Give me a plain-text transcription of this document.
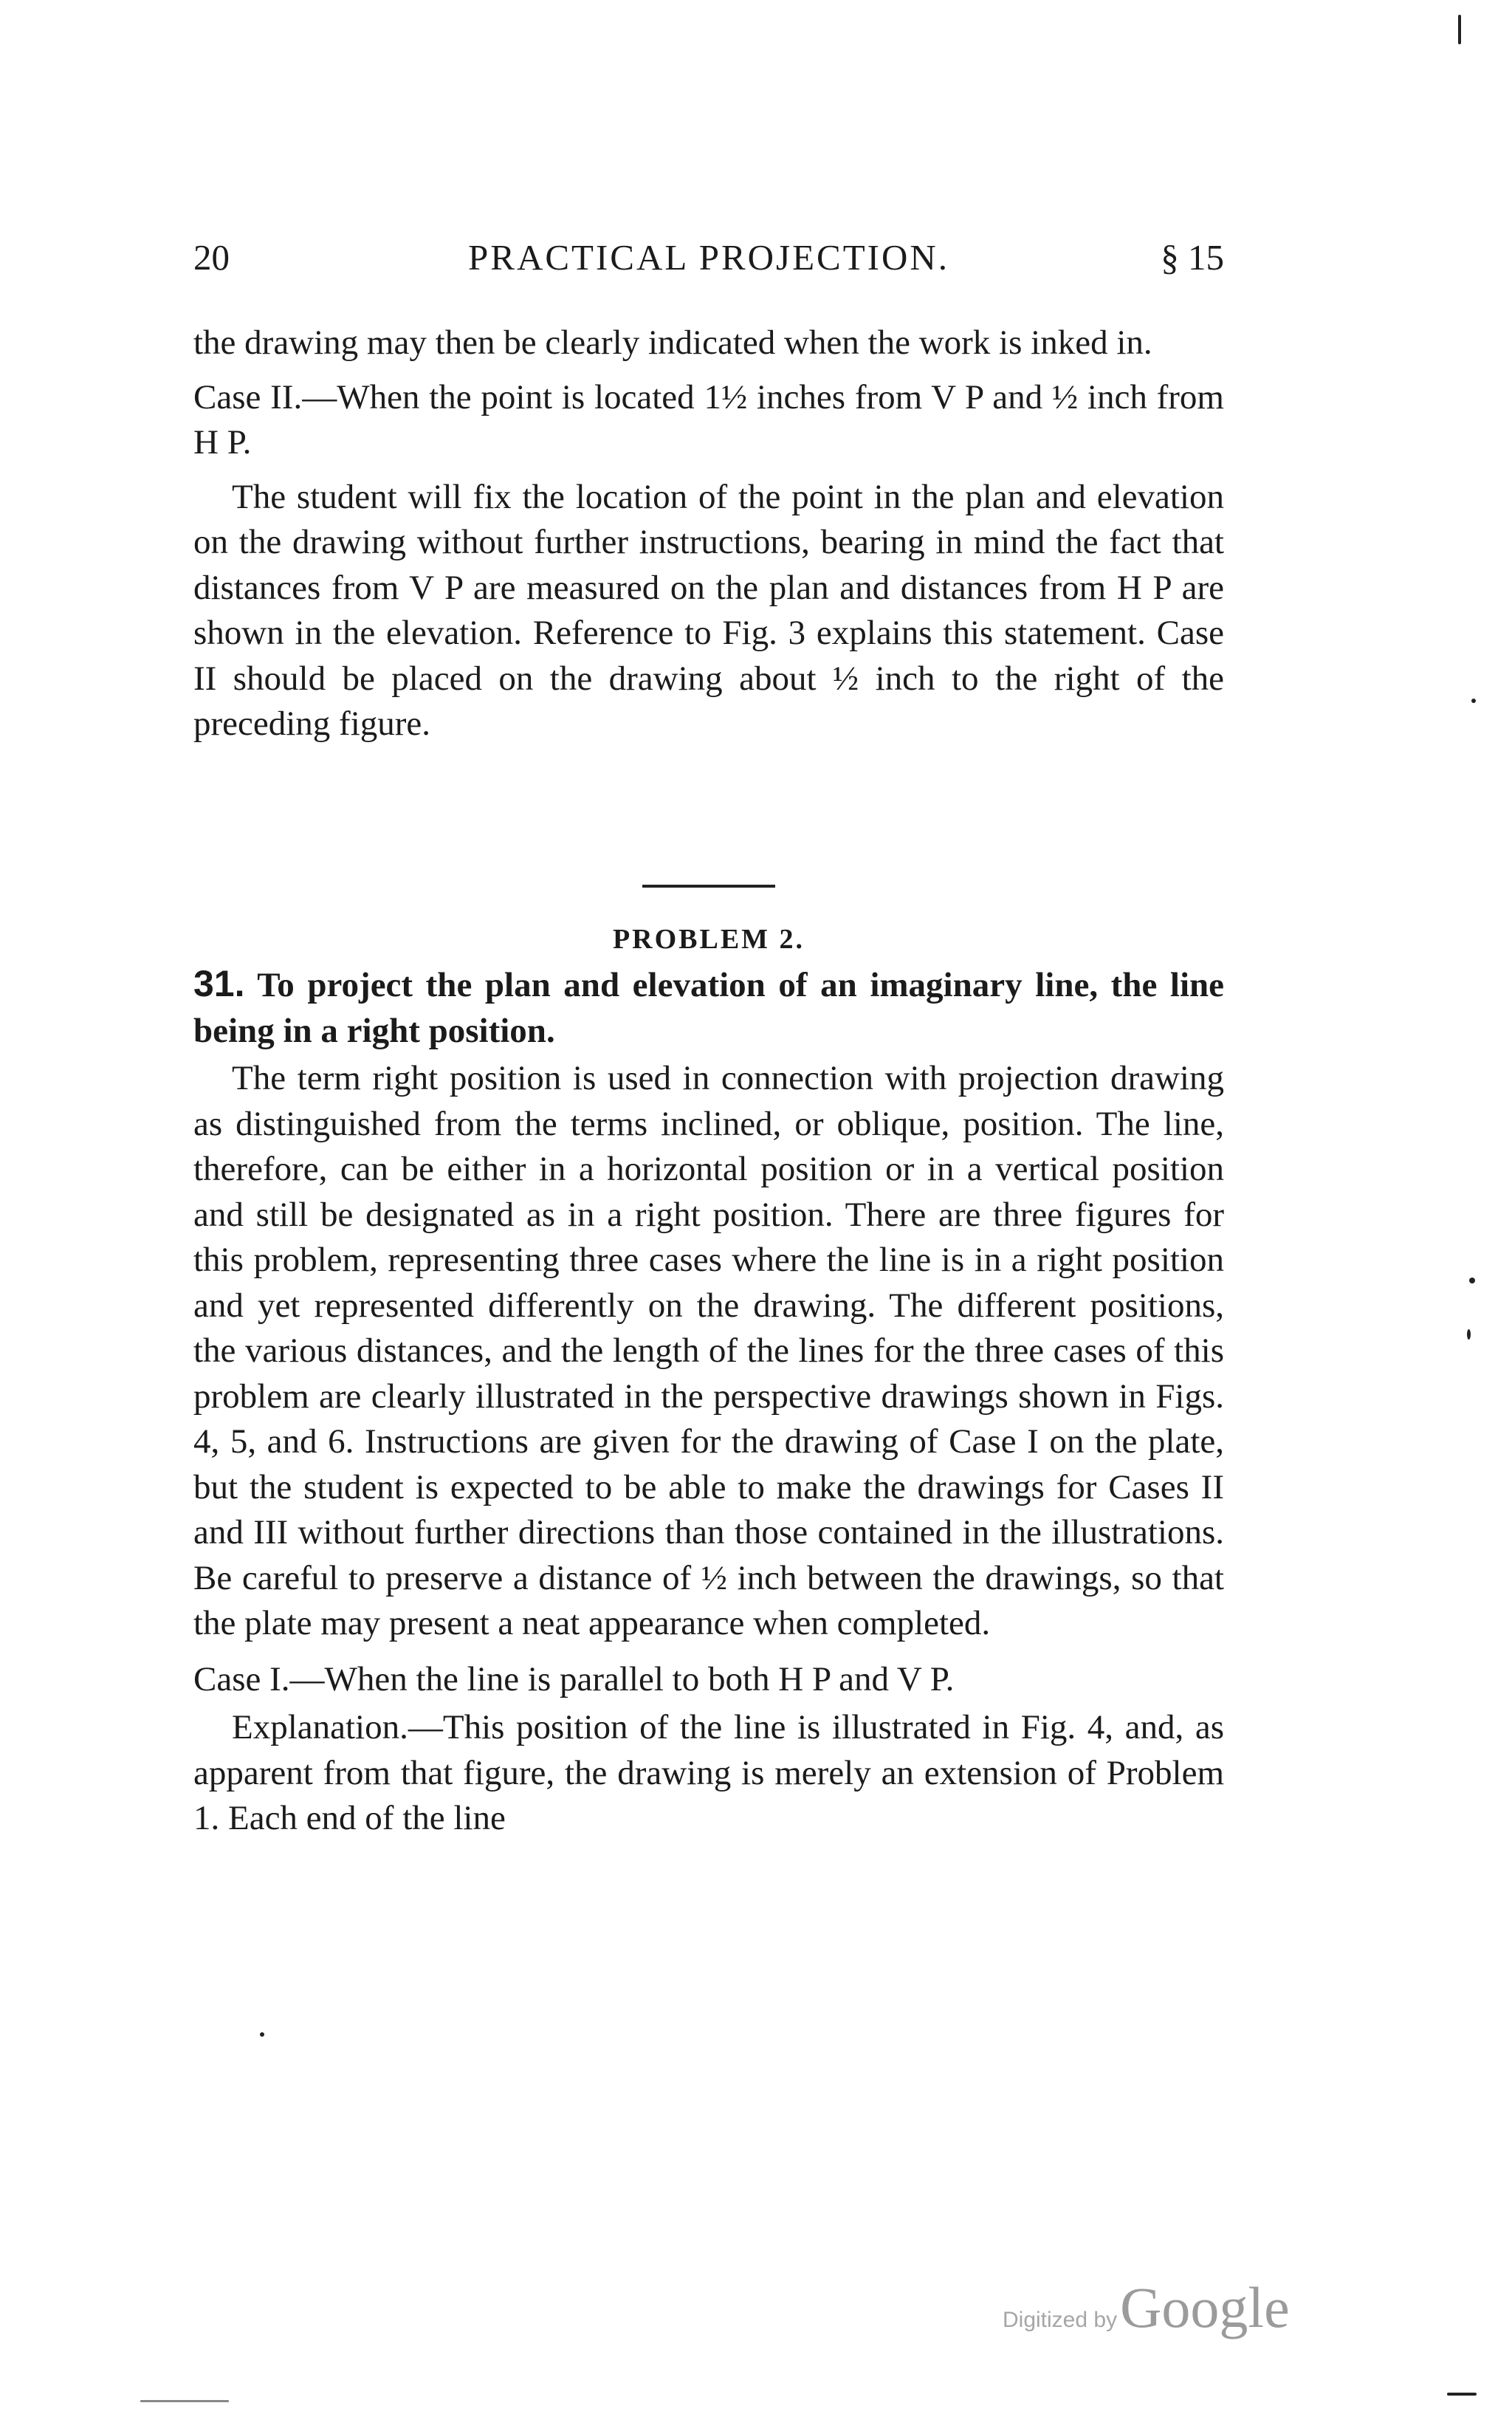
20	PRACTICAL PROJECTION.	§ 15

the drawing may then be clearly indicated when the work is inked in.

Case II.—When the point is located 1½ inches from V P and ½ inch from H P.

The student will fix the location of the point in the plan and elevation on the drawing without further instructions, bearing in mind the fact that distances from V P are measured on the plan and distances from H P are shown in the elevation. Reference to Fig. 3 explains this statement. Case II should be placed on the drawing about ½ inch to the right of the preceding figure.

PROBLEM 2.
31. To project the plan and elevation of an imaginary line, the line being in a right position.

The term right position is used in connection with projection drawing as distinguished from the terms inclined, or oblique, position. The line, therefore, can be either in a horizontal position or in a vertical position and still be designated as in a right position. There are three figures for this problem, representing three cases where the line is in a right position and yet represented differently on the drawing. The different positions, the various distances, and the length of the lines for the three cases of this problem are clearly illustrated in the perspective drawings shown in Figs. 4, 5, and 6. Instructions are given for the drawing of Case I on the plate, but the student is expected to be able to make the drawings for Cases II and III without further directions than those contained in the illustrations. Be careful to preserve a distance of ½ inch between the drawings, so that the plate may present a neat appearance when completed.

Case I.—When the line is parallel to both H P and V P.

Explanation.—This position of the line is illustrated in Fig. 4, and, as apparent from that figure, the drawing is merely an extension of Problem 1. Each end of the line

Digitized by Google
